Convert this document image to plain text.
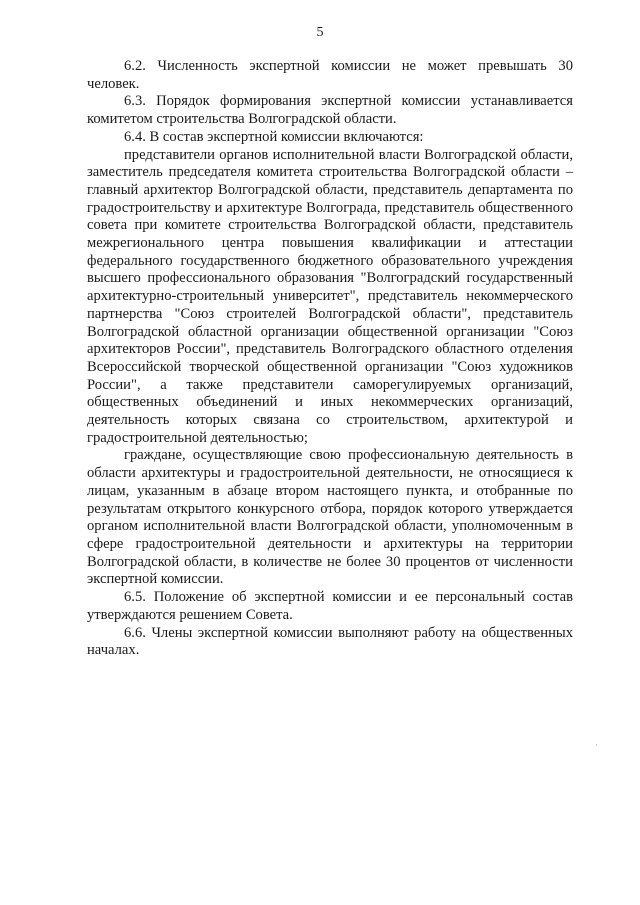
5

6.2. Численность экспертной комиссии не может превышать 30 человек.

6.3. Порядок формирования экспертной комиссии устанавливается комитетом строительства Волгоградской области.

6.4. В состав экспертной комиссии включаются:

представители органов исполнительной власти Волгоградской области, заместитель председателя комитета строительства Волгоградской области – главный архитектор Волгоградской области, представитель департамента по градостроительству и архитектуре Волгограда, представитель общественного совета при комитете строительства Волгоградской области, представитель межрегионального центра повышения квалификации и аттестации федерального государственного бюджетного образовательного учреждения высшего профессионального образования "Волгоградский государственный архитектурно-строительный университет", представитель некоммерческого партнерства "Союз строителей Волгоградской области", представитель Волгоградской областной организации общественной организации "Союз архитекторов России", представитель Волгоградского областного отделения Всероссийской творческой общественной организации "Союз художников России", а также представители саморегулируемых организаций, общественных объединений и иных некоммерческих организаций, деятельность которых связана со строительством, архитектурой и градостроительной деятельностью;

граждане, осуществляющие свою профессиональную деятельность в области архитектуры и градостроительной деятельности, не относящиеся к лицам, указанным в абзаце втором настоящего пункта, и отобранные по результатам открытого конкурсного отбора, порядок которого утверждается органом исполнительной власти Волгоградской области, уполномоченным в сфере градостроительной деятельности и архитектуры на территории Волгоградской области, в количестве не более 30 процентов от численности экспертной комиссии.

6.5. Положение об экспертной комиссии и ее персональный состав утверждаются решением Совета.

6.6. Члены экспертной комиссии выполняют работу на общественных началах.
